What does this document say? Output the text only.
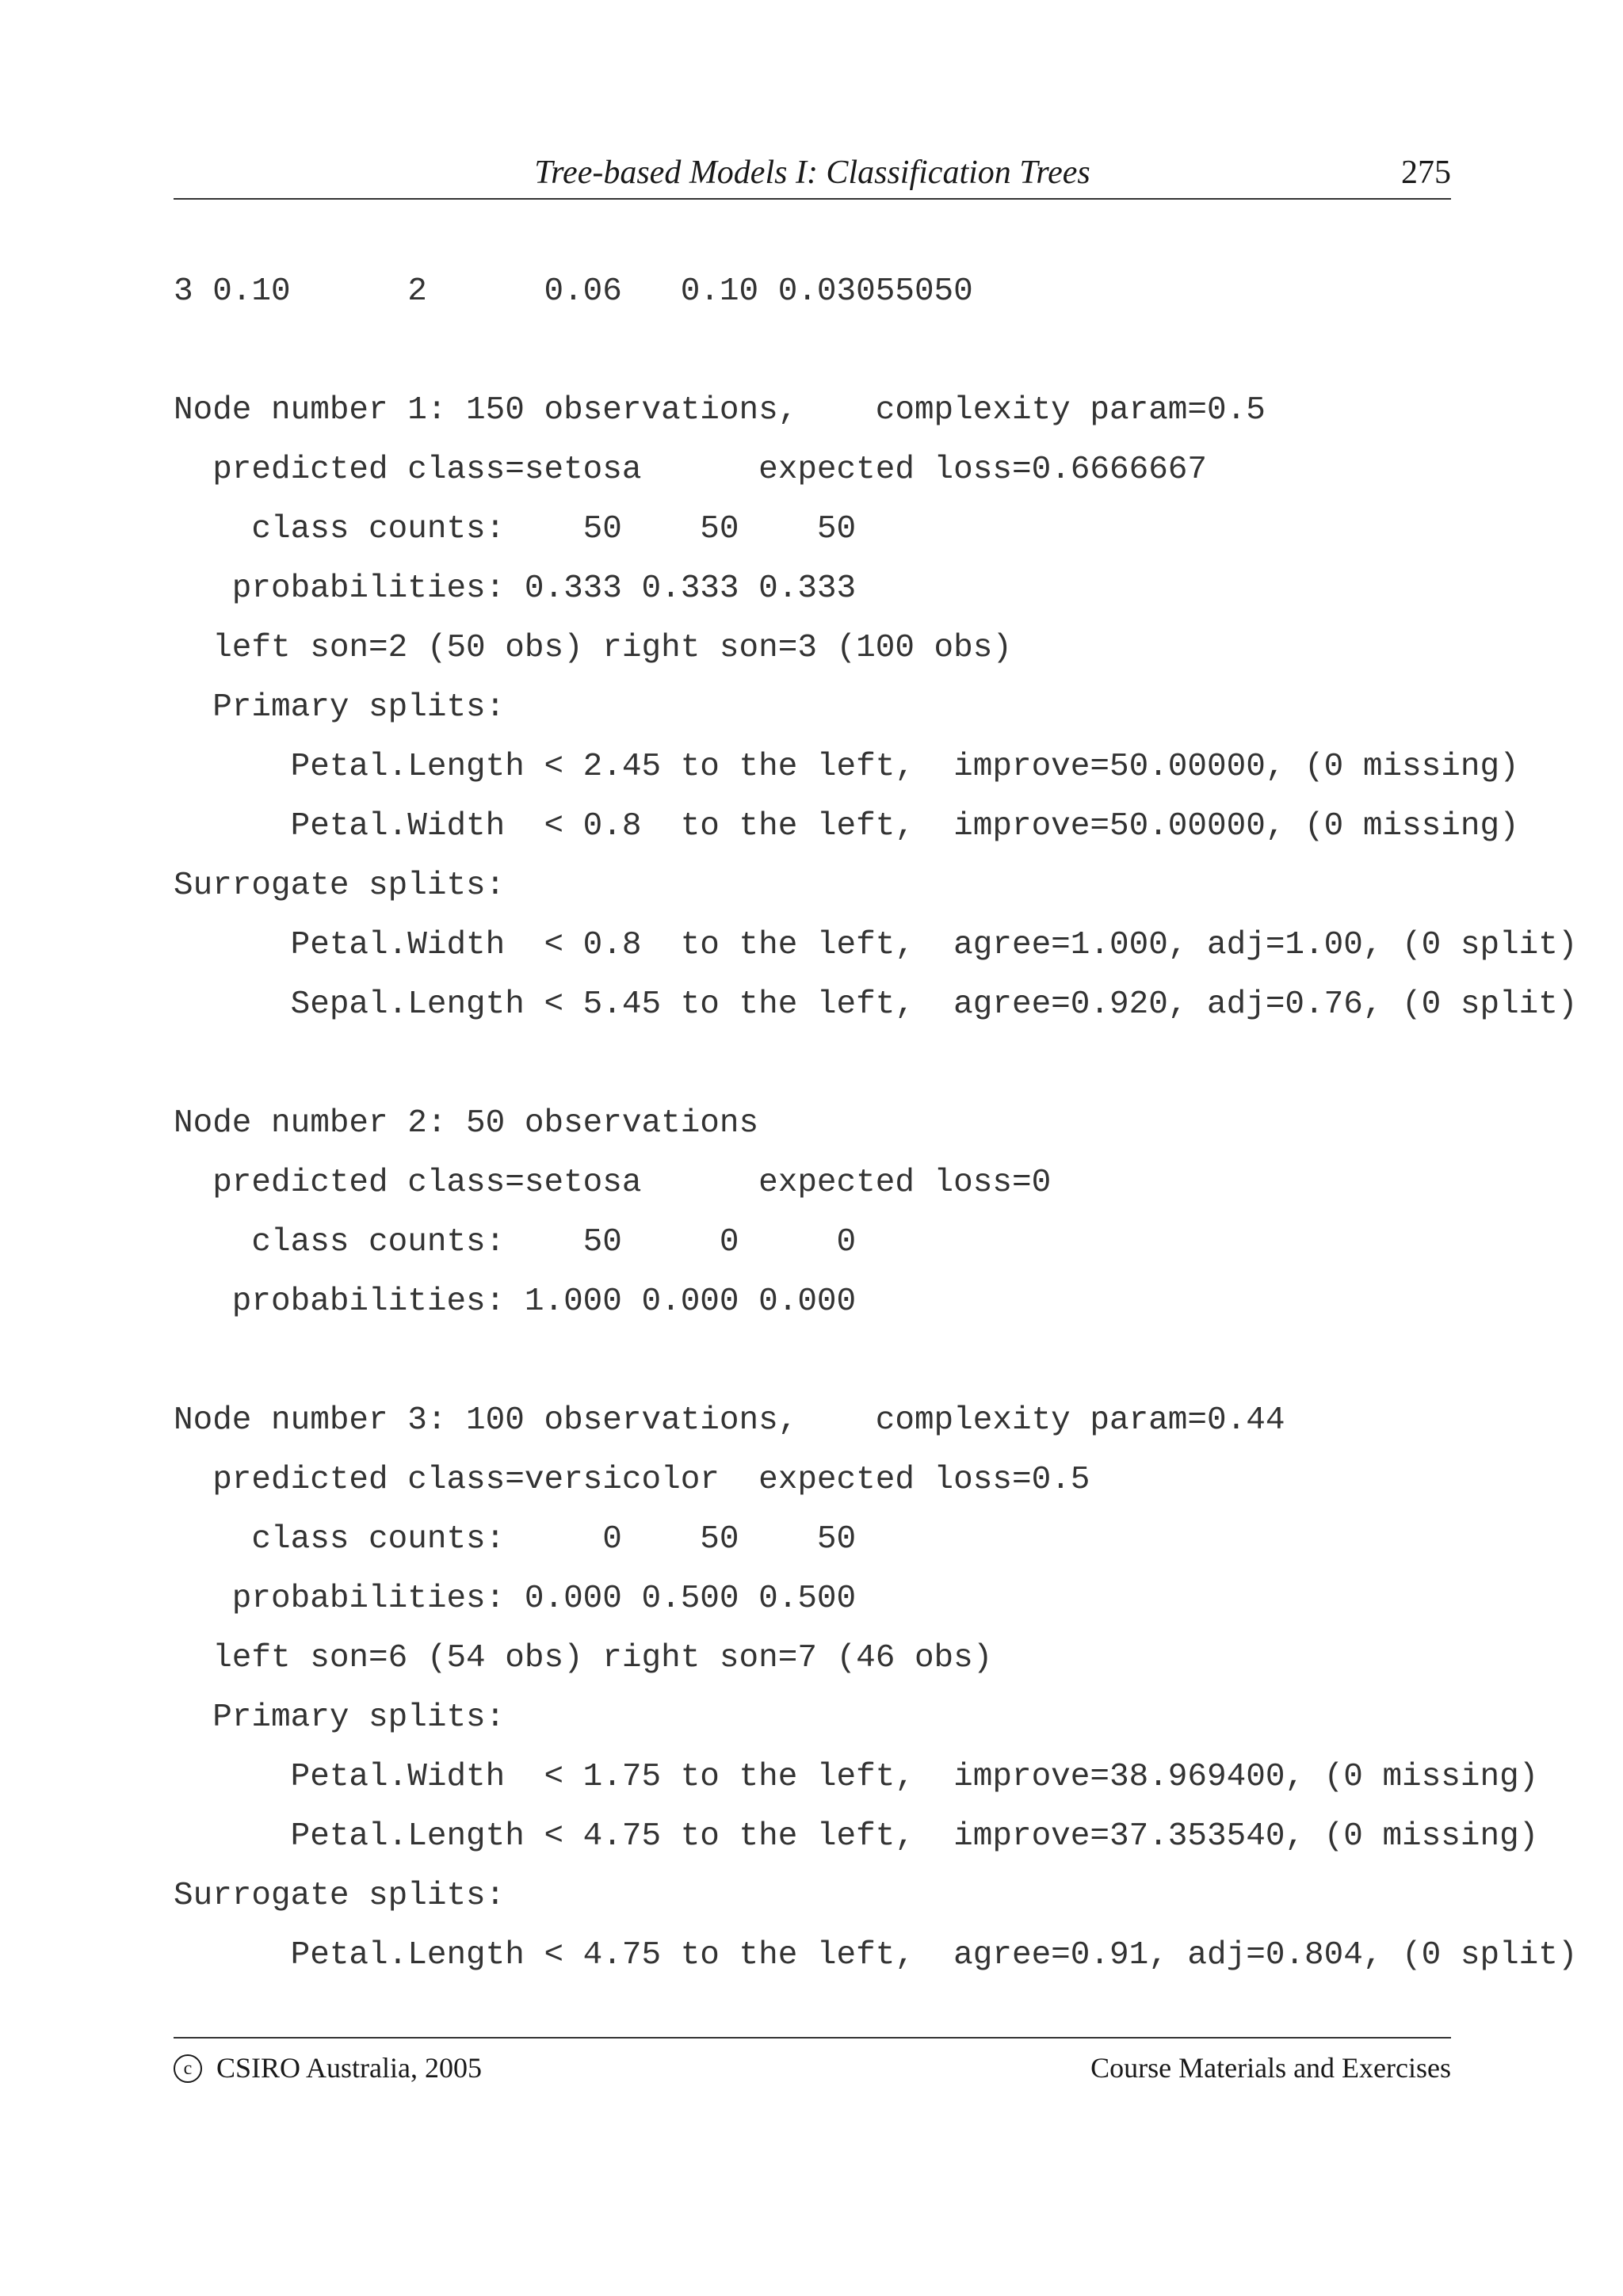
Tree-based Models I: Classification Trees	275
3 0.10      2      0.06   0.10 0.03055050
Node number 1: 150 observations,    complexity param=0.5
predicted class=setosa      expected loss=0.6666667
class counts:    50    50    50
probabilities: 0.333 0.333 0.333
left son=2 (50 obs) right son=3 (100 obs)
Primary splits:
Petal.Length < 2.45 to the left,  improve=50.00000, (0 missing)
Petal.Width  < 0.8  to the left,  improve=50.00000, (0 missing)
Surrogate splits:
Petal.Width  < 0.8  to the left,  agree=1.000, adj=1.00, (0 split)
Sepal.Length < 5.45 to the left,  agree=0.920, adj=0.76, (0 split)
Node number 2: 50 observations
predicted class=setosa      expected loss=0
class counts:    50     0     0
probabilities: 1.000 0.000 0.000
Node number 3: 100 observations,    complexity param=0.44
predicted class=versicolor  expected loss=0.5
class counts:     0    50    50
probabilities: 0.000 0.500 0.500
left son=6 (54 obs) right son=7 (46 obs)
Primary splits:
Petal.Width  < 1.75 to the left,  improve=38.969400, (0 missing)
Petal.Length < 4.75 to the left,  improve=37.353540, (0 missing)
Surrogate splits:
Petal.Length < 4.75 to the left,  agree=0.91, adj=0.804, (0 split)
c CSIRO Australia, 2005	Course Materials and Exercises
